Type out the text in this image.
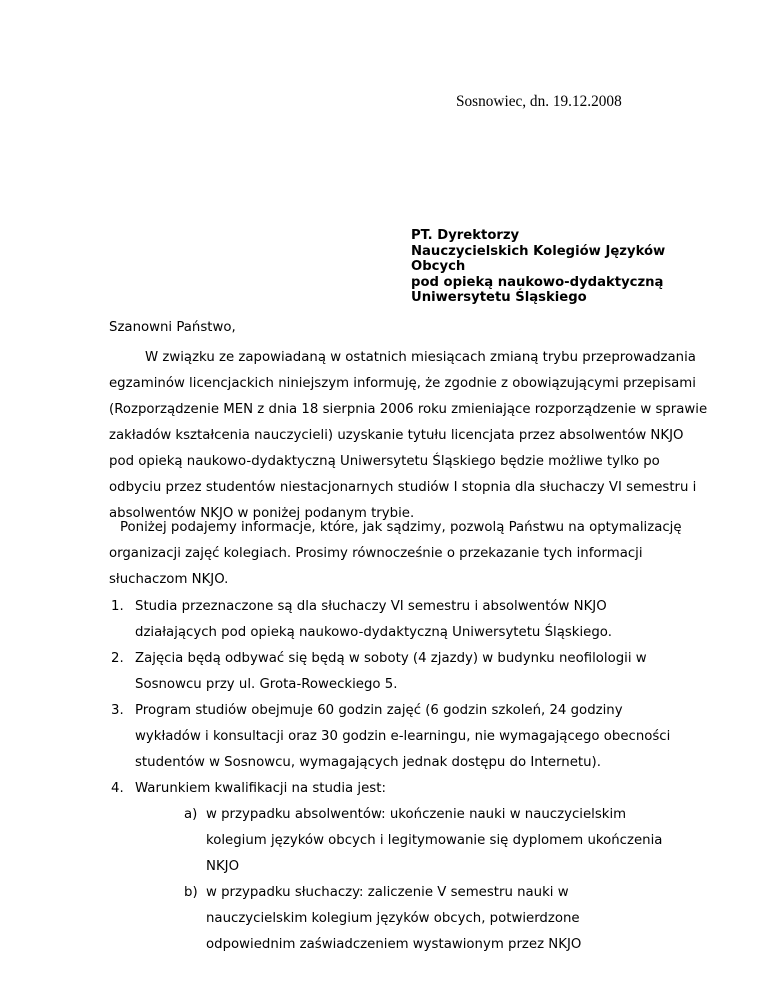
Sosnowiec, dn. 19.12.2008
PT. Dyrektorzy
Nauczycielskich Kolegiów Języków
Obcych
pod opieką naukowo-dydaktyczną
Uniwersytetu Śląskiego
Szanowni Państwo,
W związku ze zapowiadaną w ostatnich miesiącach zmianą trybu przeprowadzania
egzaminów licencjackich niniejszym informuję, że zgodnie z obowiązującymi przepisami
(Rozporządzenie MEN z dnia 18 sierpnia 2006 roku zmieniające rozporządzenie w sprawie
zakładów kształcenia nauczycieli) uzyskanie tytułu licencjata przez absolwentów NKJO
pod opieką naukowo-dydaktyczną Uniwersytetu Śląskiego będzie możliwe tylko po
odbyciu przez studentów niestacjonarnych studiów I stopnia dla słuchaczy VI semestru i
absolwentów NKJO w poniżej podanym trybie.
Poniżej podajemy informacje, które, jak sądzimy, pozwolą Państwu na optymalizację
organizacji zajęć kolegiach. Prosimy równocześnie o przekazanie tych informacji
słuchaczom NKJO.
1. Studia przeznaczone są dla słuchaczy VI semestru i absolwentów NKJO
działających pod opieką naukowo-dydaktyczną Uniwersytetu Śląskiego.
2. Zajęcia będą odbywać się będą w soboty (4 zjazdy) w budynku neofilologii w
Sosnowcu przy ul. Grota-Roweckiego 5.
3. Program studiów obejmuje 60 godzin zajęć (6 godzin szkoleń, 24 godziny
wykładów i konsultacji oraz 30 godzin e-learningu, nie wymagającego obecności
studentów w Sosnowcu, wymagających jednak dostępu do Internetu).
4. Warunkiem kwalifikacji na studia jest:
a) w przypadku absolwentów: ukończenie nauki w nauczycielskim
kolegium języków obcych i legitymowanie się dyplomem ukończenia
NKJO
b) w przypadku słuchaczy: zaliczenie V semestru nauki w
nauczycielskim kolegium języków obcych, potwierdzone
odpowiednim zaświadczeniem wystawionym przez NKJO
